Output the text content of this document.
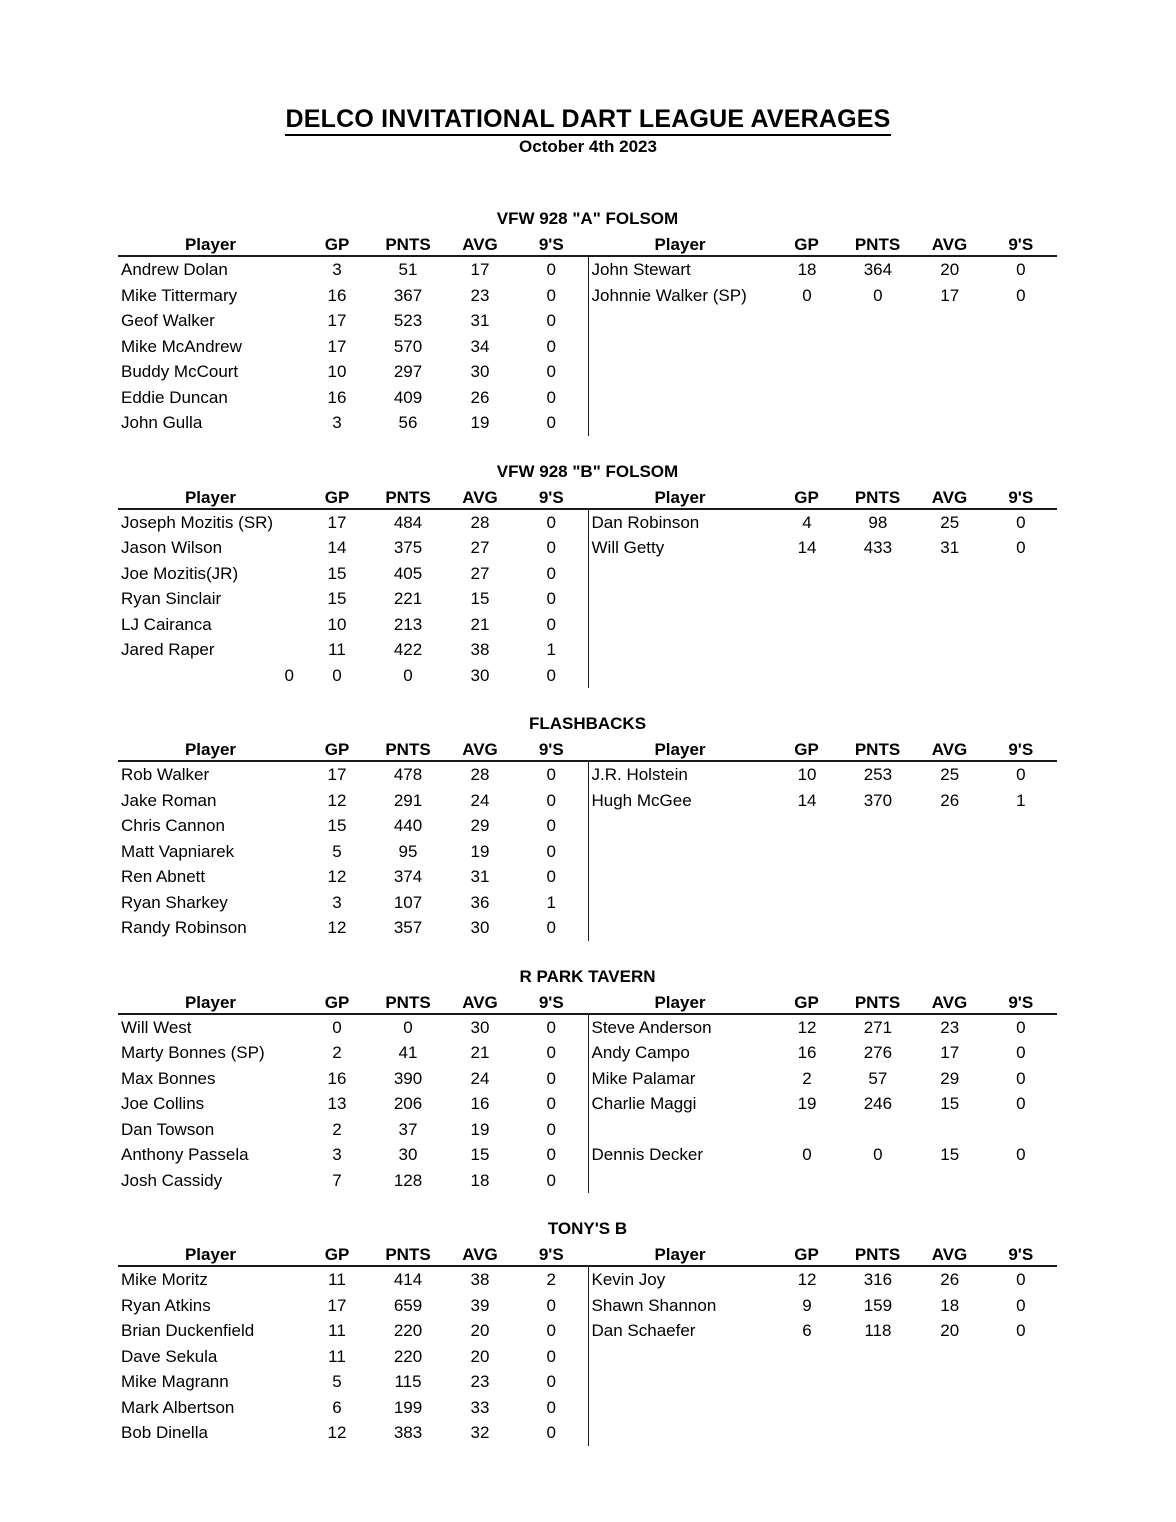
DELCO INVITATIONAL DART LEAGUE AVERAGES
October 4th 2023
VFW 928 "A" FOLSOM
Player	GP	PNTS	AVG	9'S
Andrew Dolan	3	51	17	0
Mike Tittermary	16	367	23	0
Geof Walker	17	523	31	0
Mike McAndrew	17	570	34	0
Buddy McCourt	10	297	30	0
Eddie Duncan	16	409	26	0
John Gulla	3	56	19	0
Player	GP	PNTS	AVG	9'S
John Stewart	18	364	20	0
Johnnie Walker (SP)	0	0	17	0
VFW 928 "B" FOLSOM
Player	GP	PNTS	AVG	9'S
Joseph Mozitis (SR)	17	484	28	0
Jason Wilson	14	375	27	0
Joe Mozitis(JR)	15	405	27	0
Ryan Sinclair	15	221	15	0
LJ Cairanca	10	213	21	0
Jared Raper	11	422	38	1
0	0	0	30	0
Player	GP	PNTS	AVG	9'S
Dan Robinson	4	98	25	0
Will Getty	14	433	31	0
FLASHBACKS
Player	GP	PNTS	AVG	9'S
Rob Walker	17	478	28	0
Jake Roman	12	291	24	0
Chris Cannon	15	440	29	0
Matt Vapniarek	5	95	19	0
Ren Abnett	12	374	31	0
Ryan Sharkey	3	107	36	1
Randy Robinson	12	357	30	0
Player	GP	PNTS	AVG	9'S
J.R. Holstein	10	253	25	0
Hugh McGee	14	370	26	1
R PARK TAVERN
Player	GP	PNTS	AVG	9'S
Will West	0	0	30	0
Marty Bonnes (SP)	2	41	21	0
Max Bonnes	16	390	24	0
Joe Collins	13	206	16	0
Dan Towson	2	37	19	0
Anthony Passela	3	30	15	0
Josh Cassidy	7	128	18	0
Player	GP	PNTS	AVG	9'S
Steve Anderson	12	271	23	0
Andy Campo	16	276	17	0
Mike Palamar	2	57	29	0
Charlie Maggi	19	246	15	0
Dennis Decker	0	0	15	0
TONY'S B
Player	GP	PNTS	AVG	9'S
Mike Moritz	11	414	38	2
Ryan Atkins	17	659	39	0
Brian Duckenfield	11	220	20	0
Dave Sekula	11	220	20	0
Mike Magrann	5	115	23	0
Mark Albertson	6	199	33	0
Bob Dinella	12	383	32	0
Player	GP	PNTS	AVG	9'S
Kevin Joy	12	316	26	0
Shawn Shannon	9	159	18	0
Dan Schaefer	6	118	20	0
